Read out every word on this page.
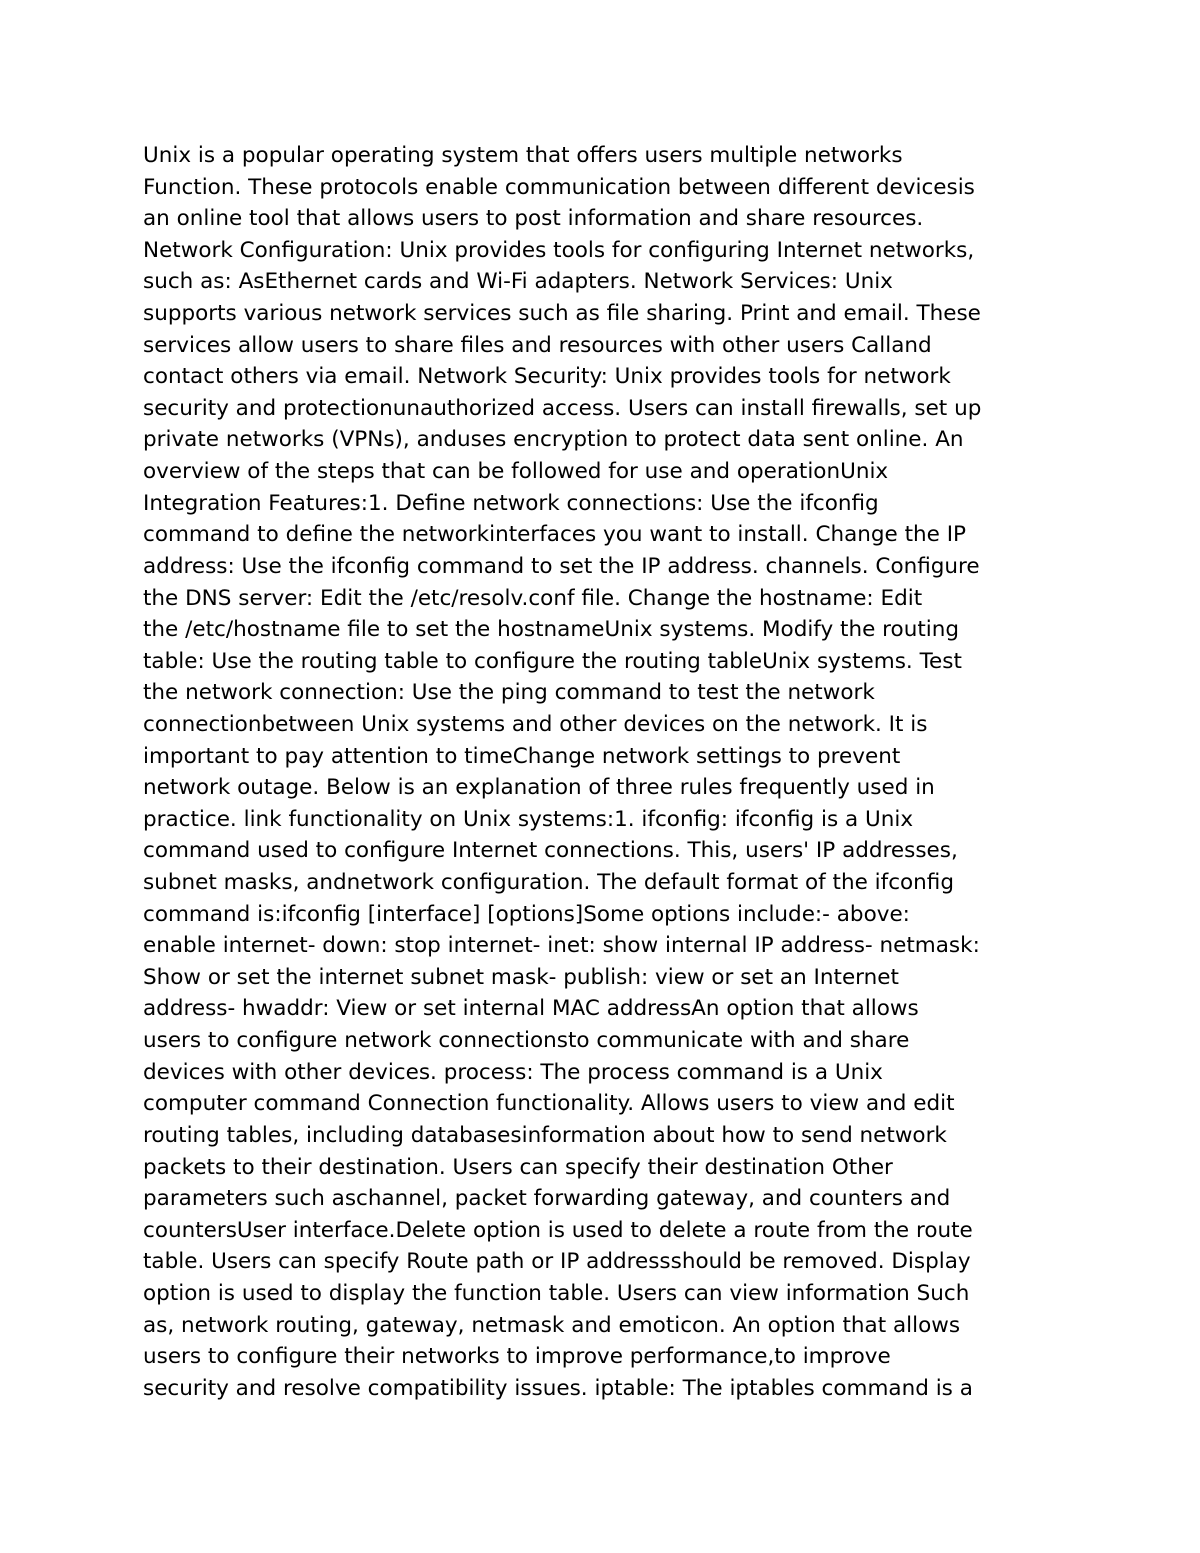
Unix is a popular operating system that offers users multiple networks
Function. These protocols enable communication between different devicesis
an online tool that allows users to post information and share resources.
Network Configuration: Unix provides tools for configuring Internet networks,
such as: AsEthernet cards and Wi-Fi adapters. Network Services: Unix
supports various network services such as file sharing. Print and email. These
services allow users to share files and resources with other users Calland
contact others via email. Network Security: Unix provides tools for network
security and protectionunauthorized access. Users can install firewalls, set up
private networks (VPNs), anduses encryption to protect data sent online. An
overview of the steps that can be followed for use and operationUnix
Integration Features:1. Define network connections: Use the ifconfig
command to define the networkinterfaces you want to install. Change the IP
address: Use the ifconfig command to set the IP address. channels. Configure
the DNS server: Edit the /etc/resolv.conf file. Change the hostname: Edit
the /etc/hostname file to set the hostnameUnix systems. Modify the routing
table: Use the routing table to configure the routing tableUnix systems. Test
the network connection: Use the ping command to test the network
connectionbetween Unix systems and other devices on the network. It is
important to pay attention to timeChange network settings to prevent
network outage. Below is an explanation of three rules frequently used in
practice. link functionality on Unix systems:1. ifconfig: ifconfig is a Unix
command used to configure Internet connections. This, users' IP addresses,
subnet masks, andnetwork configuration. The default format of the ifconfig
command is:ifconfig [interface] [options]Some options include:- above:
enable internet- down: stop internet- inet: show internal IP address- netmask:
Show or set the internet subnet mask- publish: view or set an Internet
address- hwaddr: View or set internal MAC addressAn option that allows
users to configure network connectionsto communicate with and share
devices with other devices. process: The process command is a Unix
computer command Connection functionality. Allows users to view and edit
routing tables, including databasesinformation about how to send network
packets to their destination. Users can specify their destination Other
parameters such aschannel, packet forwarding gateway, and counters and
countersUser interface.Delete option is used to delete a route from the route
table. Users can specify Route path or IP addressshould be removed. Display
option is used to display the function table. Users can view information Such
as, network routing, gateway, netmask and emoticon. An option that allows
users to configure their networks to improve performance,to improve
security and resolve compatibility issues. iptable: The iptables command is a
